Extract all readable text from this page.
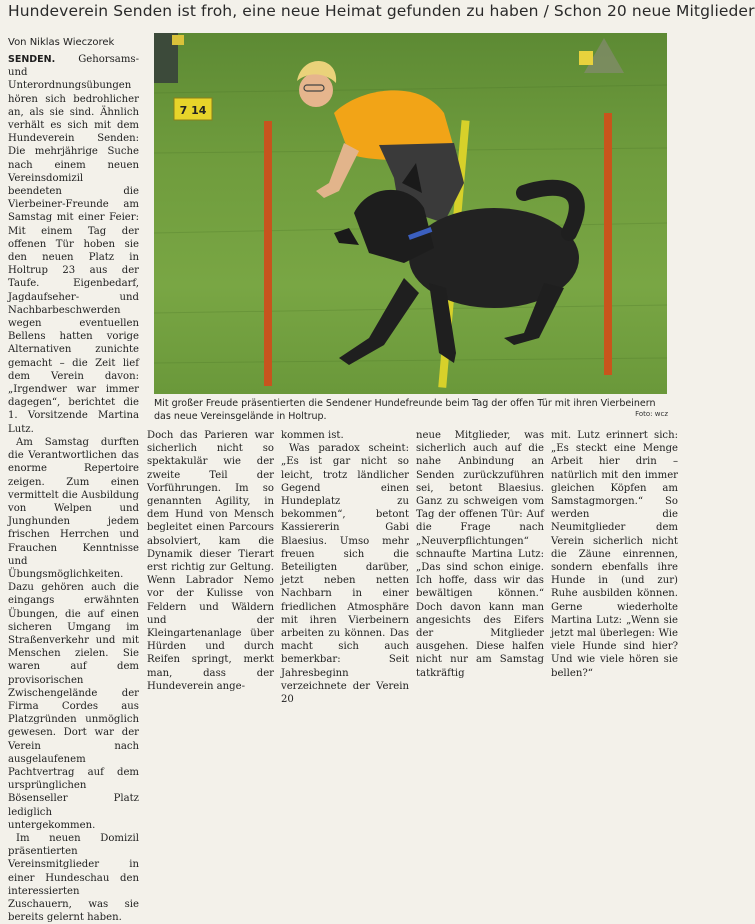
Hundeverein Senden ist froh, eine neue Heimat gefunden zu haben / Schon 20 neue Mitglieder
Von Niklas Wieczorek

SENDEN. Gehorsams- und Unterordnungsübungen hören sich bedrohlicher an, als sie sind. Ähnlich verhält es sich mit dem Hundeverein Senden: Die mehrjährige Suche nach einem neuen Vereinsdomizil beendeten die Vierbeiner-Freunde am Samstag mit einer Feier: Mit einem Tag der offenen Tür hoben sie den neuen Platz in Holtrup 23 aus der Taufe. Eigenbedarf, Jagdaufseher- und Nachbarbeschwerden wegen eventuellen Bellens hatten vorige Alternativen zunichte gemacht – die Zeit lief dem Verein davon: „Irgendwer war immer dagegen“, berichtet die 1. Vorsitzende Martina Lutz.

Am Samstag durften die Verantwortlichen das enorme Repertoire zeigen. Zum einen vermittelt die Ausbildung von Welpen und Junghunden jedem frischen Herrchen und Frauchen Kenntnisse und Übungsmöglichkeiten. Dazu gehören auch die eingangs erwähnten Übungen, die auf einen sicheren Umgang im Straßenverkehr und mit Menschen zielen. Sie waren auf dem provisorischen Zwischengelände der Firma Cordes aus Platzgründen unmöglich gewesen. Dort war der Verein nach ausgelaufenem Pachtvertrag auf dem ursprünglichen Bösenseller Platz lediglich untergekommen.

Im neuen Domizil präsentierten Vereinsmitglieder in einer Hundeschau den interessierten Zuschauern, was sie bereits gelernt haben.

7 14
Mit großer Freude präsentierten die Sendener Hundefreunde beim Tag der offen Tür mit ihren Vierbeinern das neue Vereinsgelände in Holtrup.	Foto: wcz

Doch das Parieren war sicherlich nicht so spektakulär wie der zweite Teil der Vorführungen. Im so genannten Agility, in dem Hund von Mensch begleitet einen Parcours absolviert, kam die Dynamik dieser Tierart erst richtig zur Geltung. Wenn Labrador Nemo vor der Kulisse von Feldern und Wäldern und der Kleingartenanlage über Hürden und durch Reifen springt, merkt man, dass der Hundeverein ange-

kommen ist.

Was paradox scheint: „Es ist gar nicht so leicht, trotz ländlicher Gegend einen Hundeplatz zu bekommen“, betont Kassiererin Gabi Blaesius. Umso mehr freuen sich die Beteiligten darüber, jetzt neben netten Nachbarn in einer friedlichen Atmosphäre mit ihren Vierbeinern arbeiten zu können. Das macht sich auch bemerkbar: Seit Jahresbeginn verzeichnete der Verein 20

neue Mitglieder, was sicherlich auch auf die nahe Anbindung an Senden zurückzuführen sei, betont Blaesius. Ganz zu schweigen vom Tag der offenen Tür: Auf die Frage nach „Neuverpflichtungen“ schnaufte Martina Lutz: „Das sind schon einige. Ich hoffe, dass wir das bewältigen können.“ Doch davon kann man angesichts des Eifers der Mitglieder ausgehen. Diese halfen nicht nur am Samstag tatkräftig

mit. Lutz erinnert sich: „Es steckt eine Menge Arbeit hier drin – natürlich mit den immer gleichen Köpfen am Samstagmorgen.“ So werden die Neumitglieder dem Verein sicherlich nicht die Zäune einrennen, sondern ebenfalls ihre Hunde in (und zur) Ruhe ausbilden können. Gerne wiederholte Martina Lutz: „Wenn sie jetzt mal überlegen: Wie viele Hunde sind hier? Und wie viele hören sie bellen?“
